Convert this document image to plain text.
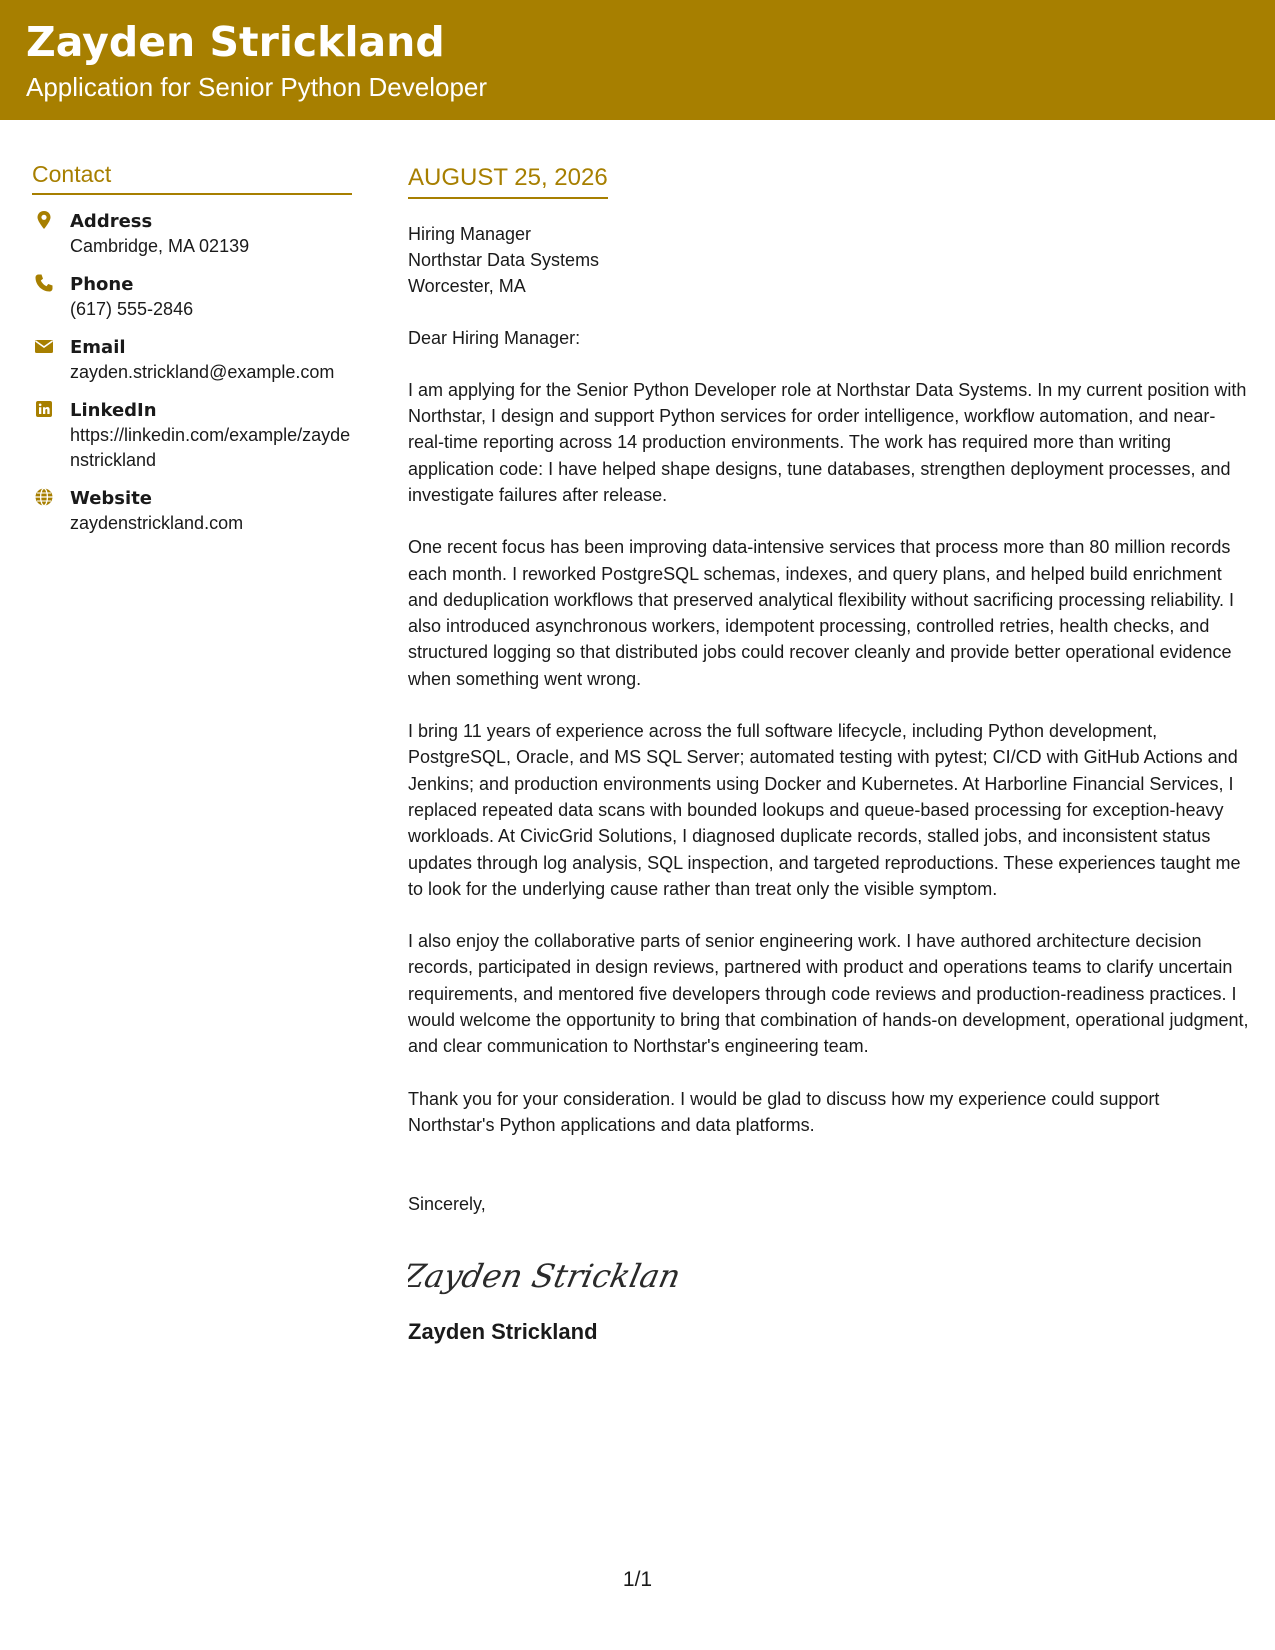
Zayden Strickland
Application for Senior Python Developer
Contact
Address
Cambridge, MA 02139
Phone
(617) 555-2846
Email
zayden.strickland@example.com
LinkedIn
https://linkedin.com/example/zaydenstrickland
Website
zaydenstrickland.com
AUGUST 25, 2026
Hiring Manager
Northstar Data Systems
Worcester, MA
Dear Hiring Manager:
I am applying for the Senior Python Developer role at Northstar Data Systems. In my current position with Northstar, I design and support Python services for order intelligence, workflow automation, and near-real-time reporting across 14 production environments. The work has required more than writing application code: I have helped shape designs, tune databases, strengthen deployment processes, and investigate failures after release.
One recent focus has been improving data-intensive services that process more than 80 million records each month. I reworked PostgreSQL schemas, indexes, and query plans, and helped build enrichment and deduplication workflows that preserved analytical flexibility without sacrificing processing reliability. I also introduced asynchronous workers, idempotent processing, controlled retries, health checks, and structured logging so that distributed jobs could recover cleanly and provide better operational evidence when something went wrong.
I bring 11 years of experience across the full software lifecycle, including Python development, PostgreSQL, Oracle, and MS SQL Server; automated testing with pytest; CI/CD with GitHub Actions and Jenkins; and production environments using Docker and Kubernetes. At Harborline Financial Services, I replaced repeated data scans with bounded lookups and queue-based processing for exception-heavy workloads. At CivicGrid Solutions, I diagnosed duplicate records, stalled jobs, and inconsistent status updates through log analysis, SQL inspection, and targeted reproductions. These experiences taught me to look for the underlying cause rather than treat only the visible symptom.
I also enjoy the collaborative parts of senior engineering work. I have authored architecture decision records, participated in design reviews, partnered with product and operations teams to clarify uncertain requirements, and mentored five developers through code reviews and production-readiness practices. I would welcome the opportunity to bring that combination of hands-on development, operational judgment, and clear communication to Northstar's engineering team.
Thank you for your consideration. I would be glad to discuss how my experience could support Northstar's Python applications and data platforms.
Sincerely,
Zayden Stricklan
Zayden Strickland
1/1
